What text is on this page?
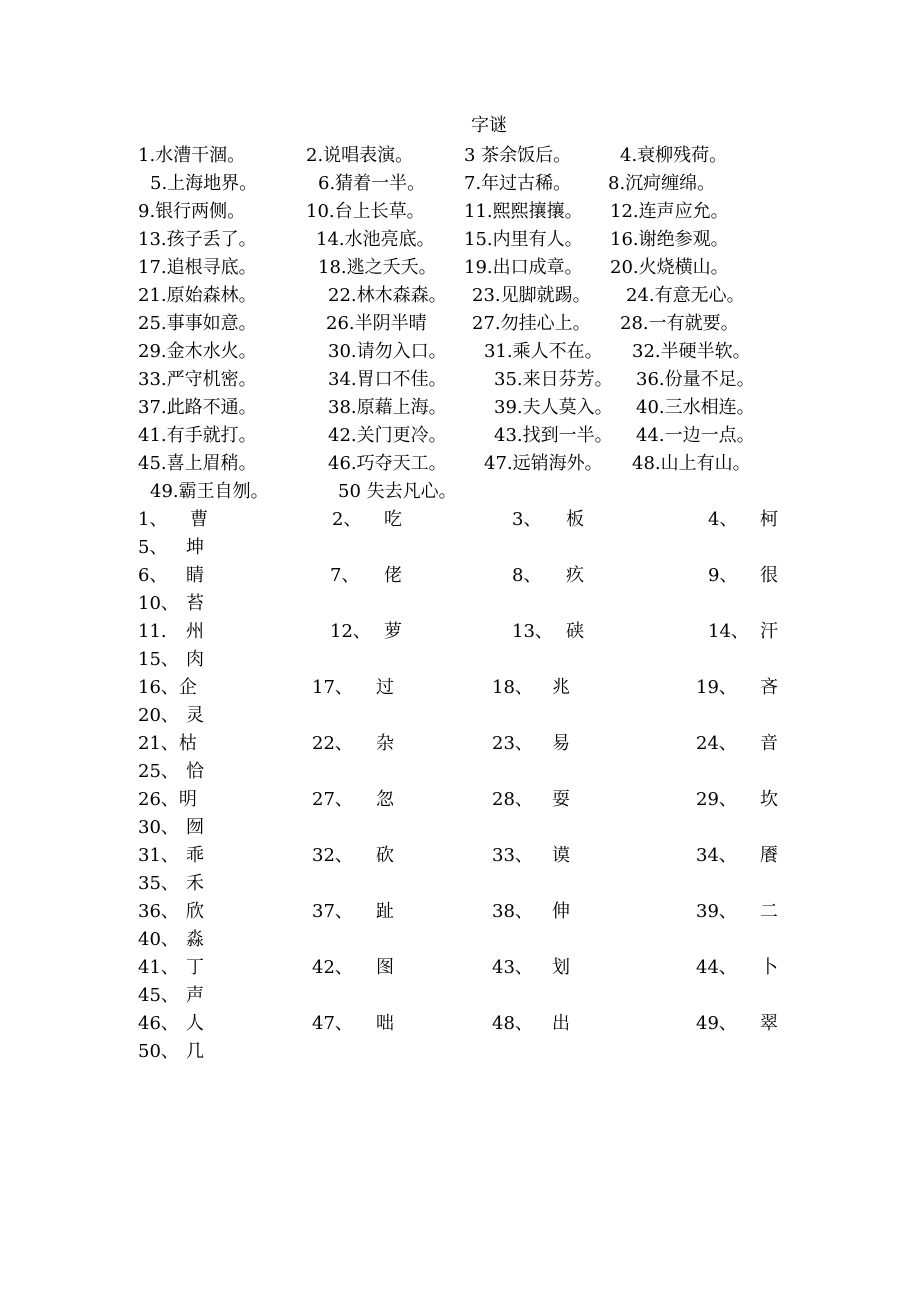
字谜
1.水漕干涸。	2.说唱表演。	3 茶余饭后。	4.衰柳残荷。
5.上海地界。	6.猜着一半。 7.年过古稀。 8.沉疴缠绵。
9.银行两侧。	10.台上长草。 11.熙熙攘攘。 12.连声应允。
13.孩子丢了。	14.水池亮底。 15.内里有人。 16.谢绝参观。
17.追根寻底。	18.逃之夭夭。 19.出口成章。 20.火烧横山。
21.原始森林。	22.林木森森。 23.见脚就踢。 24.有意无心。
25.事事如意。	26.半阴半晴	27.勿挂心上。 28.一有就要。
29.金木水火。	30.请勿入口。 31.乘人不在。 32.半硬半软。
33.严守机密。	34.胃口不佳。	35.来日芬芳。 36.份量不足。
37.此路不通。	38.原藉上海。	39.夫人莫入。 40.三水相连。
41.有手就打。	42.关门更冷。	43.找到一半。 44.一边一点。
45.喜上眉稍。	46.巧夺天工。 47.远销海外。 48.山上有山。
49.霸王自刎。	50 失去凡心。
1、 曹	2、 吃	3、 板	4、 柯
5、 坤
6、 睛	7、 佬	8、 疚	9、 很
10、 苔
11. 州	12、 萝	13、 硖	14、 汗
15、 肉
16、企	17、 过	18、 兆	19、 吝
20、 灵
21、枯	22、 杂	23、 易	24、 音
25、 恰
26、明	27、 忽	28、 耍	29、 坎
30、 囫
31、 乖	32、 砍	33、 谟	34、 餍
35、 禾
36、 欣	37、 趾	38、 伸	39、 二
40、 淼
41、 丁	42、 图	43、 划	44、 卜
45、 声
46、 人	47、 咄	48、 出	49、 翠
50、 几
